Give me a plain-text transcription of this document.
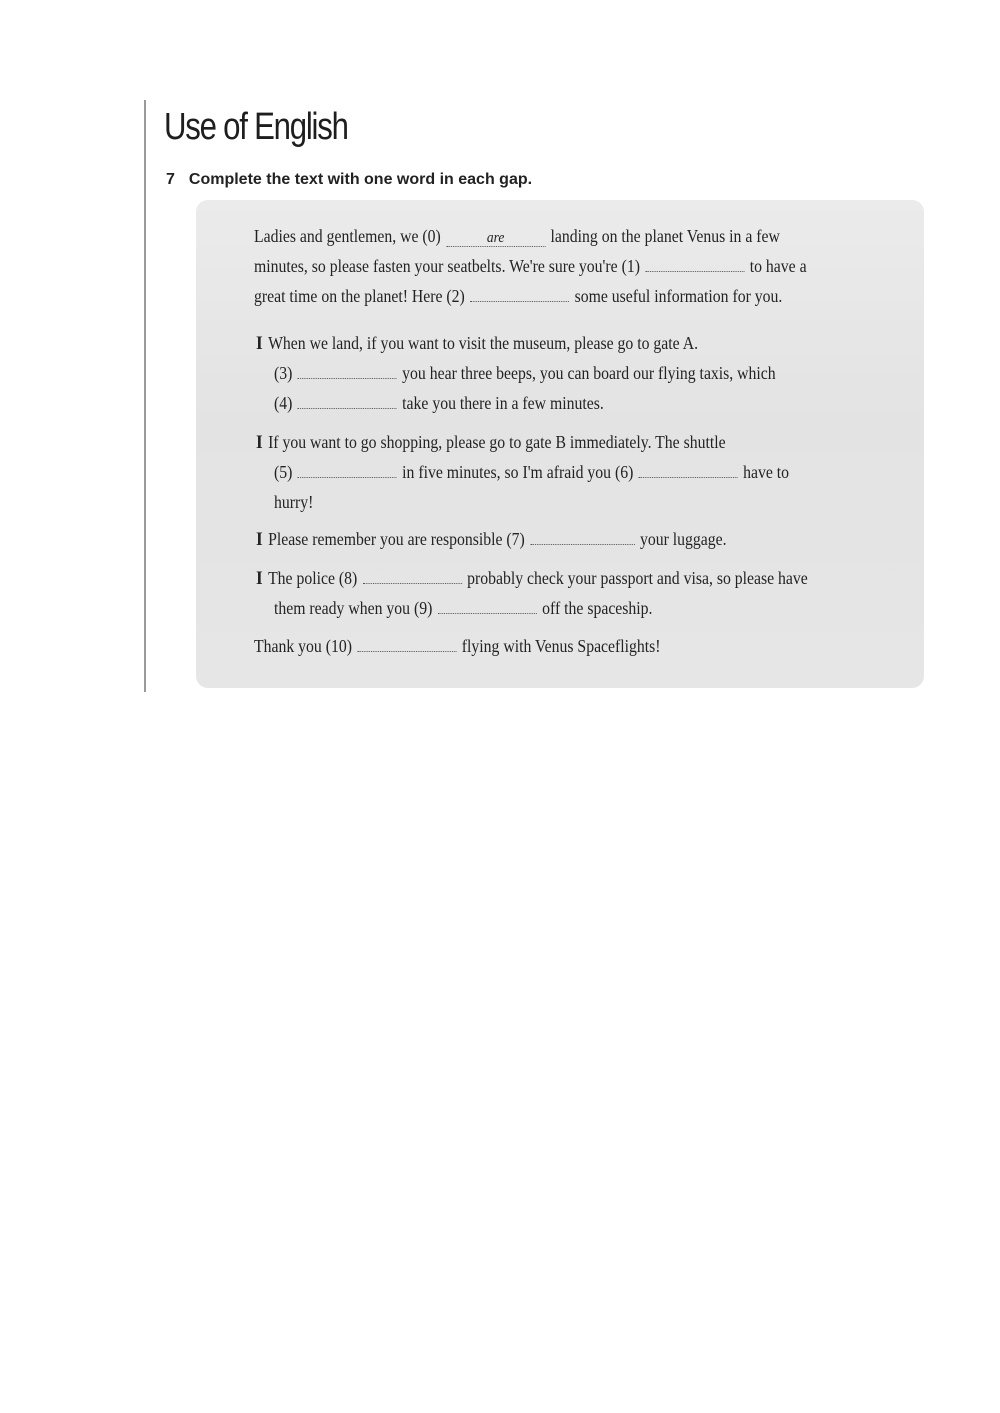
Use of English
7 Complete the text with one word in each gap.
Ladies and gentlemen, we (0)	are	landing on the planet Venus in a few
minutes, so please fasten your seatbelts. We're sure you're (1)	to have a
great time on the planet! Here (2)	some useful information for you.
I When we land, if you want to visit the museum, please go to gate A.
(3)	you hear three beeps, you can board our flying taxis, which
(4)	take you there in a few minutes.
I If you want to go shopping, please go to gate B immediately. The shuttle
(5)	in five minutes, so I'm afraid you (6)	have to
hurry!
I Please remember you are responsible (7)	your luggage.
I The police (8)	probably check your passport and visa, so please have
them ready when you (9)	off the spaceship.
Thank you (10)	flying with Venus Spaceflights!
